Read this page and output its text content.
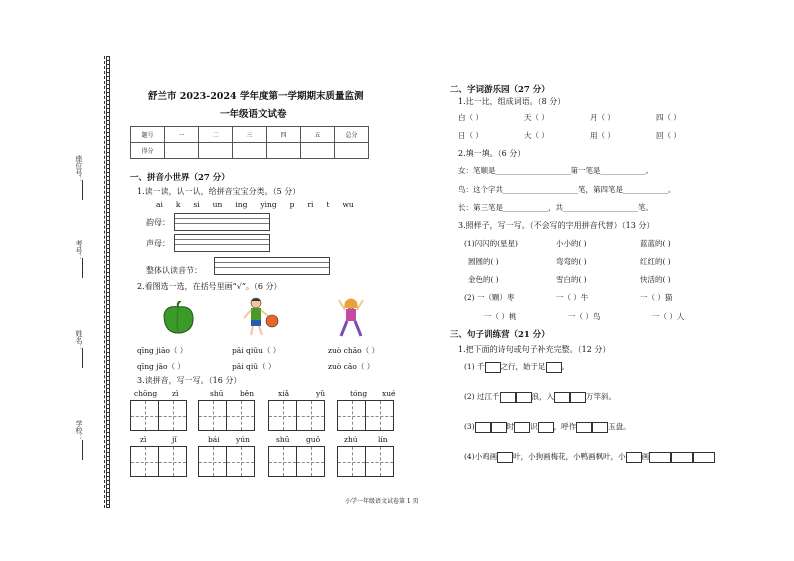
座位号：
考号：
姓名：
学校：
舒兰市 2023-2024 学年度第一学期期末质量监测
一年级语文试卷
题号	一	二	三	四	五	总分
得分						
一、拼音小世界（27 分）
1.读一读，认一认，给拼音宝宝分类。（5 分）
ai k si un ing ying p ri t wu
韵母：
声母：
整体认读音节：
2.看图选一选，在括号里画“√”。（6 分）
qīng jiāo（ ）	pāi qiūu（ ）	zuò chāo（ ）
qīng jāo（ ）	pāi qiū（ ）	zuò cāo（ ）
3.读拼音，写一写。（16 分）
chōng zì	shū běn	xiǎ	yǔ	tóng xué
zì	jǐ	bái yún	shū guǒ	zhú	lín
二、字词游乐园（27 分）
1.比一比，组成词语。（8 分）
白（ ）	天（ ）	月（ ）	四（ ）
日（ ）	大（ ）	用（ ）	回（ ）
2.填一填。（6 分）
女：笔顺是____________________第一笔是____________。
鸟：这个字共____________________笔，第四笔是____________。
长：第三笔是____________，共____________________笔。
3.照样子，写一写。（不会写的字用拼音代替）（13 分）
(1)闪闪的(星星)	小小的( )	蓝蓝的( )
圆圆的( )	弯弯的( )	红红的( )
金色的( )	雪白的( )	快活的( )
(2) 一（颗）枣	一（ ）牛	一（ ）猫
一（ ）桃	一（ ）鸟	一（ ）人
三、句子训练营（21 分）
1.把下面的诗句或句子补充完整。（12 分）
(1) 千 之行，始于足 。
(2) 过江千	浪，入	万竿斜。
(3)	时 识 ，呼作	玉盘。
(4)小鸡画 叶，小狗画梅花，小鸭画枫叶，小 画
小学一年级语文试卷第 1 页
